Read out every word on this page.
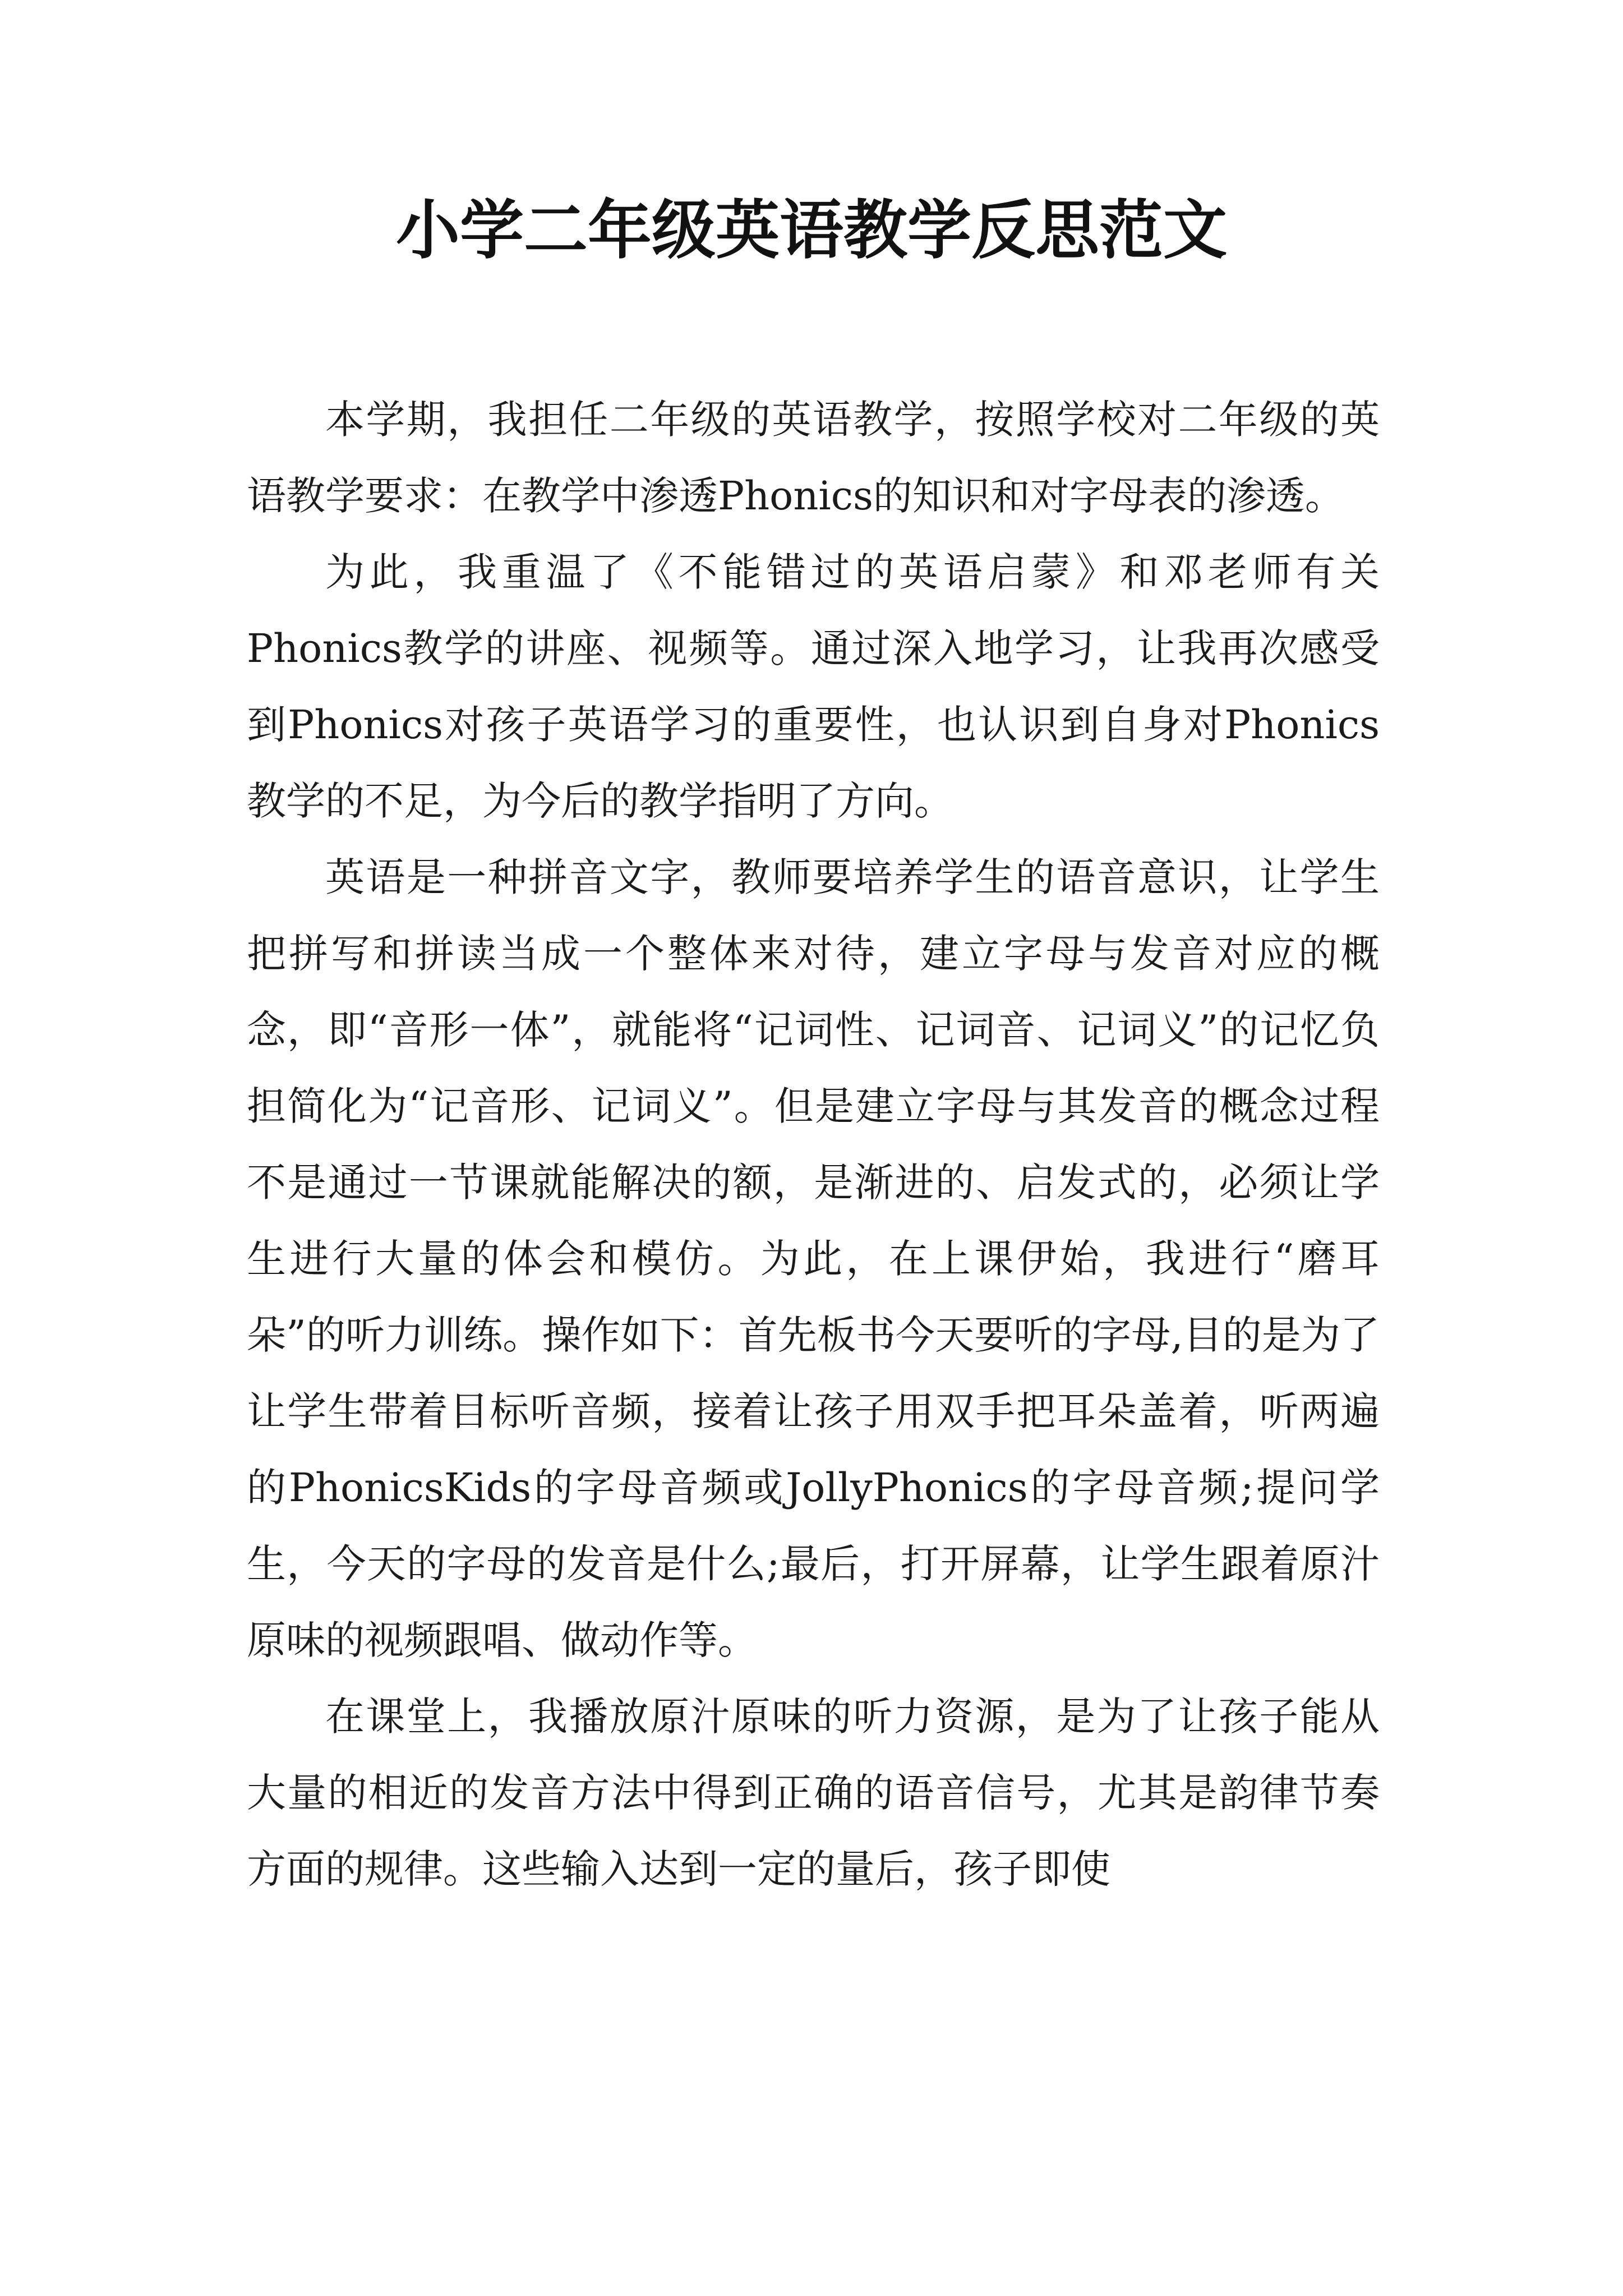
小学二年级英语教学反思范文

本学期，我担任二年级的英语教学，按照学校对二年级的英语教学要求：在教学中渗透Phonics的知识和对字母表的渗透。

为此，我重温了《不能错过的英语启蒙》和邓老师有关Phonics教学的讲座、视频等。通过深入地学习，让我再次感受到Phonics对孩子英语学习的重要性，也认识到自身对Phonics教学的不足，为今后的教学指明了方向。

英语是一种拼音文字，教师要培养学生的语音意识，让学生把拼写和拼读当成一个整体来对待，建立字母与发音对应的概念，即“音形一体”，就能将“记词性、记词音、记词义”的记忆负担简化为“记音形、记词义”。但是建立字母与其发音的概念过程不是通过一节课就能解决的额，是渐进的、启发式的，必须让学生进行大量的体会和模仿。为此，在上课伊始，我进行“磨耳朵”的听力训练。操作如下：首先板书今天要听的字母,目的是为了让学生带着目标听音频，接着让孩子用双手把耳朵盖着，听两遍的PhonicsKids的字母音频或JollyPhonics的字母音频;提问学生，今天的字母的发音是什么;最后，打开屏幕，让学生跟着原汁原味的视频跟唱、做动作等。

在课堂上，我播放原汁原味的听力资源，是为了让孩子能从大量的相近的发音方法中得到正确的语音信号，尤其是韵律节奏方面的规律。这些输入达到一定的量后，孩子即使
